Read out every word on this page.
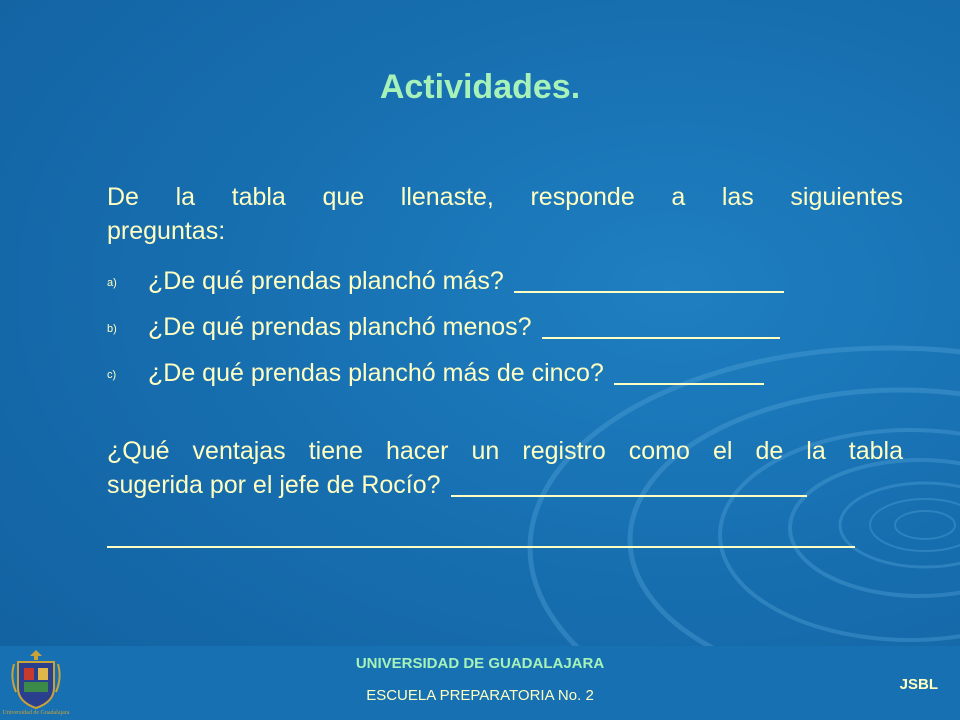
Actividades.
De la tabla que llenaste, responde a las siguientes
preguntas:
a) ¿De qué prendas planchó más?
b) ¿De qué prendas planchó menos?
c) ¿De qué prendas planchó más de cinco?
¿Qué ventajas tiene hacer un registro como el de la tabla
sugerida por el jefe de Rocío?
Universidad de Guadalajara
UNIVERSIDAD DE GUADALAJARA
ESCUELA PREPARATORIA No. 2
JSBL
